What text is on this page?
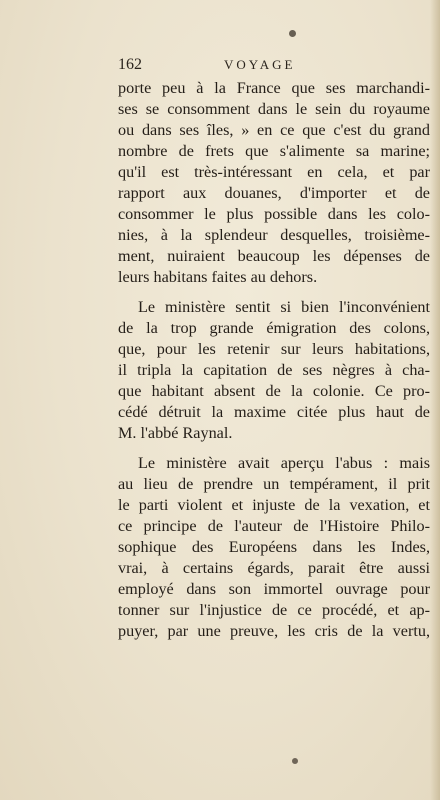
162	VOYAGE

porte peu à la France que ses marchandi-
ses se consomment dans le sein du royaume
ou dans ses îles, » en ce que c'est du grand
nombre de frets que s'alimente sa marine;
qu'il est très-intéressant en cela, et par
rapport aux douanes, d'importer et de
consommer le plus possible dans les colo-
nies, à la splendeur desquelles, troisième-
ment, nuiraient beaucoup les dépenses de
leurs habitans faites au dehors.

Le ministère sentit si bien l'inconvénient
de la trop grande émigration des colons,
que, pour les retenir sur leurs habitations,
il tripla la capitation de ses nègres à cha-
que habitant absent de la colonie. Ce pro-
cédé détruit la maxime citée plus haut de
M. l'abbé Raynal.

Le ministère avait aperçu l'abus : mais
au lieu de prendre un tempérament, il prit
le parti violent et injuste de la vexation, et
ce principe de l'auteur de l'Histoire Philo-
sophique des Européens dans les Indes,
vrai, à certains égards, parait être aussi
employé dans son immortel ouvrage pour
tonner sur l'injustice de ce procédé, et ap-
puyer, par une preuve, les cris de la vertu,
